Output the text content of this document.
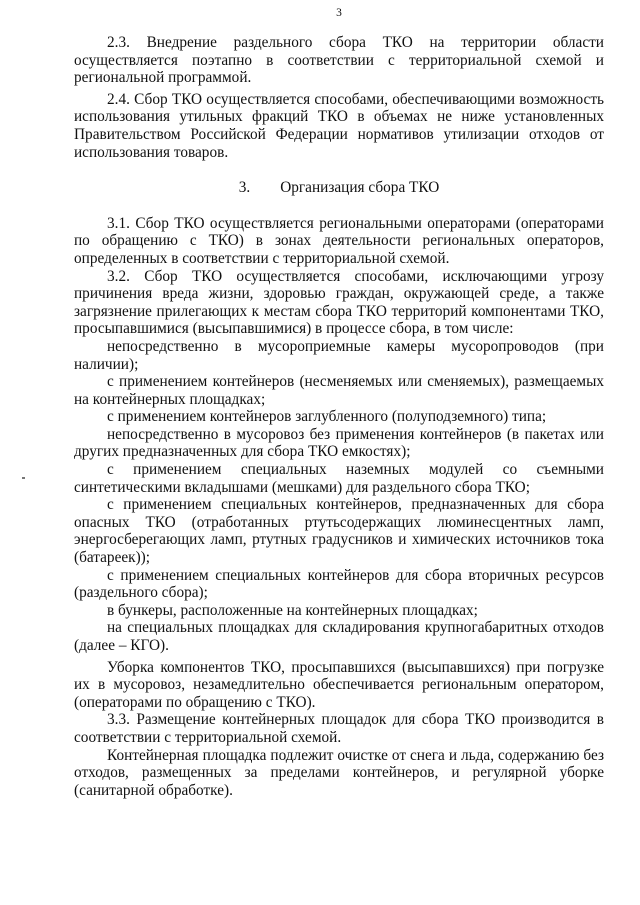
3

2.3. Внедрение раздельного сбора ТКО на территории области осуществляется поэтапно в соответствии с территориальной схемой и региональной программой.

2.4. Сбор ТКО осуществляется способами, обеспечивающими возможность использования утильных фракций ТКО в объемах не ниже установленных Правительством Российской Федерации нормативов утилизации отходов от использования товаров.

3. Организация сбора ТКО

3.1. Сбор ТКО осуществляется региональными операторами (операторами по обращению с ТКО) в зонах деятельности региональных операторов, определенных в соответствии с территориальной схемой.

3.2. Сбор ТКО осуществляется способами, исключающими угрозу причинения вреда жизни, здоровью граждан, окружающей среде, а также загрязнение прилегающих к местам сбора ТКО территорий компонентами ТКО, просыпавшимися (высыпавшимися) в процессе сбора, в том числе:

непосредственно в мусороприемные камеры мусоропроводов (при наличии);

с применением контейнеров (несменяемых или сменяемых), размещаемых на контейнерных площадках;

с применением контейнеров заглубленного (полуподземного) типа;

непосредственно в мусоровоз без применения контейнеров (в пакетах или других предназначенных для сбора ТКО емкостях);

с применением специальных наземных модулей со съемными синтетическими вкладышами (мешками) для раздельного сбора ТКО;

с применением специальных контейнеров, предназначенных для сбора опасных ТКО (отработанных ртутьсодержащих люминесцентных ламп, энергосберегающих ламп, ртутных градусников и химических источников тока (батареек));

с применением специальных контейнеров для сбора вторичных ресурсов (раздельного сбора);

в бункеры, расположенные на контейнерных площадках;

на специальных площадках для складирования крупногабаритных отходов (далее – КГО).

Уборка компонентов ТКО, просыпавшихся (высыпавшихся) при погрузке их в мусоровоз, незамедлительно обеспечивается региональным оператором, (операторами по обращению с ТКО).

3.3. Размещение контейнерных площадок для сбора ТКО производится в соответствии с территориальной схемой.

Контейнерная площадка подлежит очистке от снега и льда, содержанию без отходов, размещенных за пределами контейнеров, и регулярной уборке (санитарной обработке).
